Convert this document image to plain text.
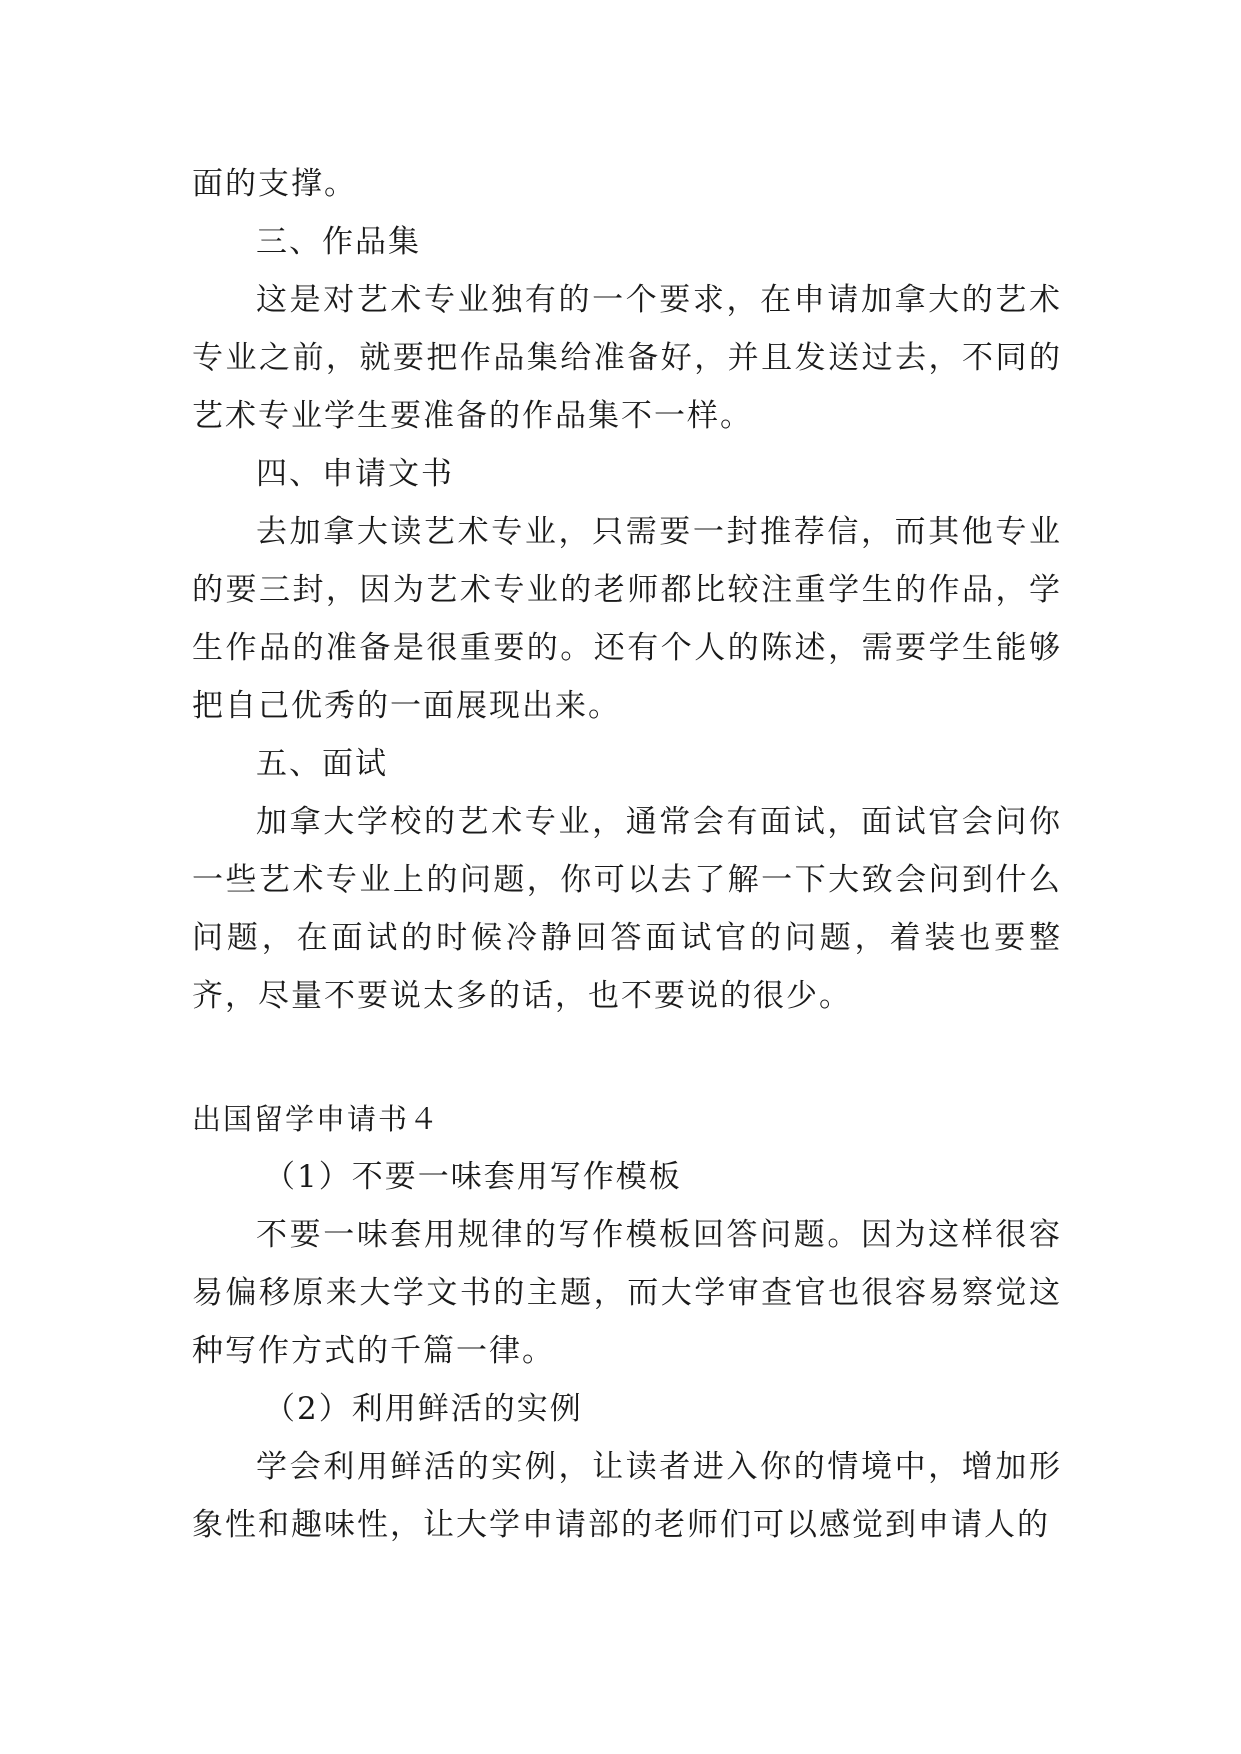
面的支撑。

三、作品集

这是对艺术专业独有的一个要求，在申请加拿大的艺术专业之前，就要把作品集给准备好，并且发送过去，不同的艺术专业学生要准备的作品集不一样。

四、申请文书

去加拿大读艺术专业，只需要一封推荐信，而其他专业的要三封，因为艺术专业的老师都比较注重学生的作品，学生作品的准备是很重要的。还有个人的陈述，需要学生能够把自己优秀的一面展现出来。

五、面试

加拿大学校的艺术专业，通常会有面试，面试官会问你一些艺术专业上的问题，你可以去了解一下大致会问到什么问题，在面试的时候冷静回答面试官的问题，着装也要整齐，尽量不要说太多的话，也不要说的很少。

出国留学申请书４

（1）不要一味套用写作模板

不要一味套用规律的写作模板回答问题。因为这样很容易偏移原来大学文书的主题，而大学审查官也很容易察觉这种写作方式的千篇一律。

（2）利用鲜活的实例

学会利用鲜活的实例，让读者进入你的情境中，增加形象性和趣味性，让大学申请部的老师们可以感觉到申请人的
